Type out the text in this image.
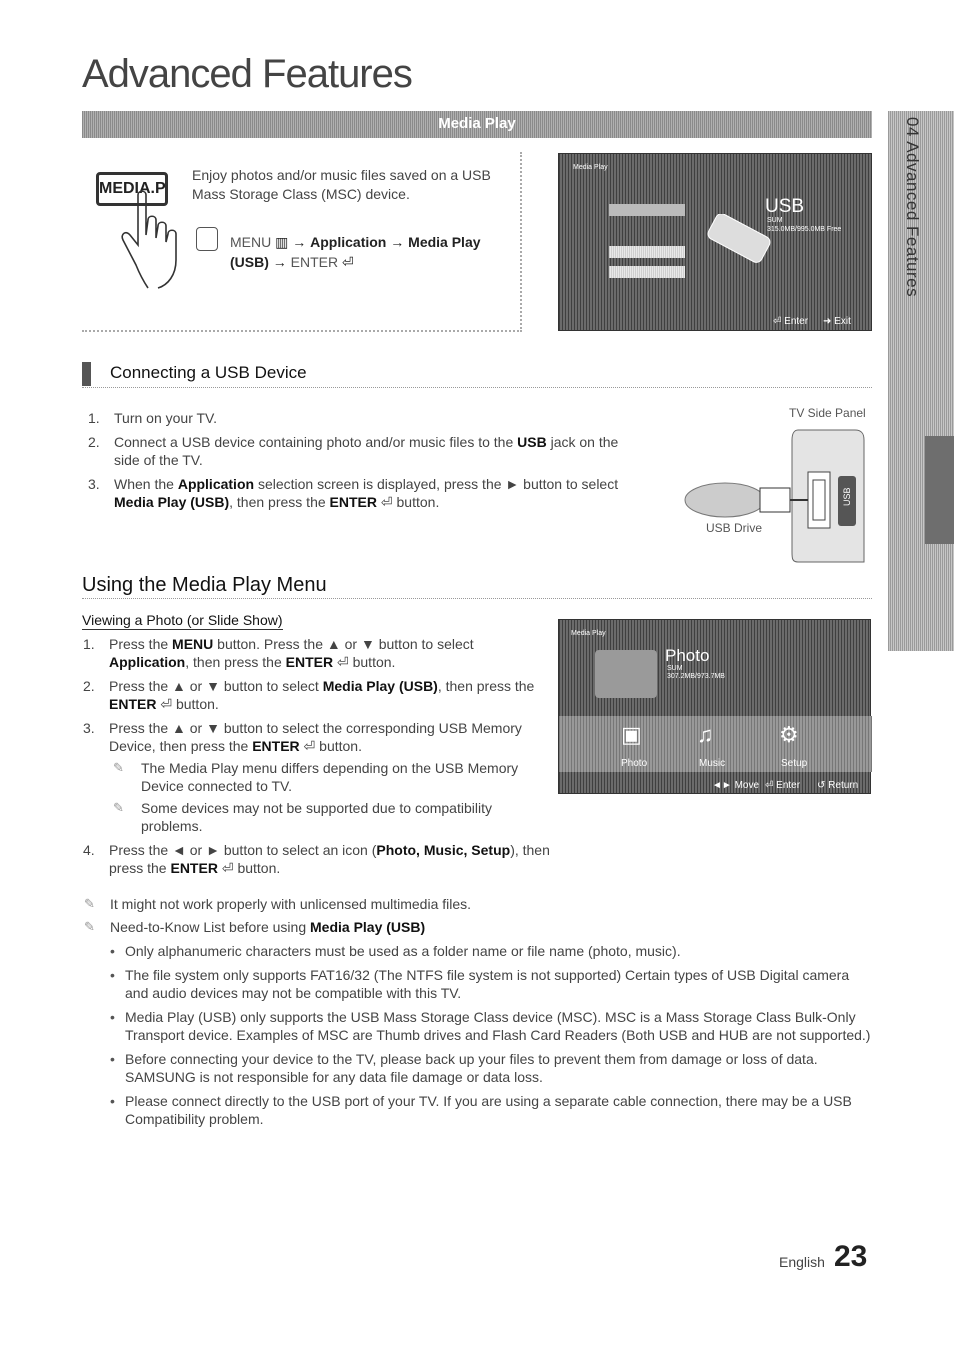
Advanced Features
Media Play	04 Advanced Features
MEDIA.P
Enjoy photos and/or music files saved on a USB Mass Storage Class (MSC) device.
MENU ▥ → Application → Media Play (USB) → ENTER ⏎
Media Play
USB
SUM
315.0MB/995.0MB Free
⏎ Enter ➜ Exit
Connecting a USB Device
1. Turn on your TV.
2. Connect a USB device containing photo and/or music files to the USB jack on the side of the TV.
3. When the Application selection screen is displayed, press the ► button to select Media Play (USB), then press the ENTER ⏎ button.
TV Side Panel
USB
USB Drive
Using the Media Play Menu
Viewing a Photo (or Slide Show)
1. Press the MENU button. Press the ▲ or ▼ button to select Application, then press the ENTER ⏎ button.
2. Press the ▲ or ▼ button to select Media Play (USB), then press the ENTER ⏎ button.
3. Press the ▲ or ▼ button to select the corresponding USB Memory Device, then press the ENTER ⏎ button.
✎ The Media Play menu differs depending on the USB Memory Device connected to TV.
✎ Some devices may not be supported due to compatibility problems.
4. Press the ◄ or ► button to select an icon (Photo, Music, Setup), then press the ENTER ⏎ button.
Media Play
Photo
SUM
307.2MB/973.7MB
▣	♫	⚙
Photo	Music	Setup
◄► Move ⏎ Enter ↺ Return
✎ It might not work properly with unlicensed multimedia files.
✎ Need-to-Know List before using Media Play (USB)
• Only alphanumeric characters must be used as a folder name or file name (photo, music).
• The file system only supports FAT16/32 (The NTFS file system is not supported) Certain types of USB Digital camera and audio devices may not be compatible with this TV.
• Media Play (USB) only supports the USB Mass Storage Class device (MSC). MSC is a Mass Storage Class Bulk-Only Transport device. Examples of MSC are Thumb drives and Flash Card Readers (Both USB and HUB are not supported.)
• Before connecting your device to the TV, please back up your files to prevent them from damage or loss of data. SAMSUNG is not responsible for any data file damage or data loss.
• Please connect directly to the USB port of your TV. If you are using a separate cable connection, there may be a USB Compatibility problem.
English 23
